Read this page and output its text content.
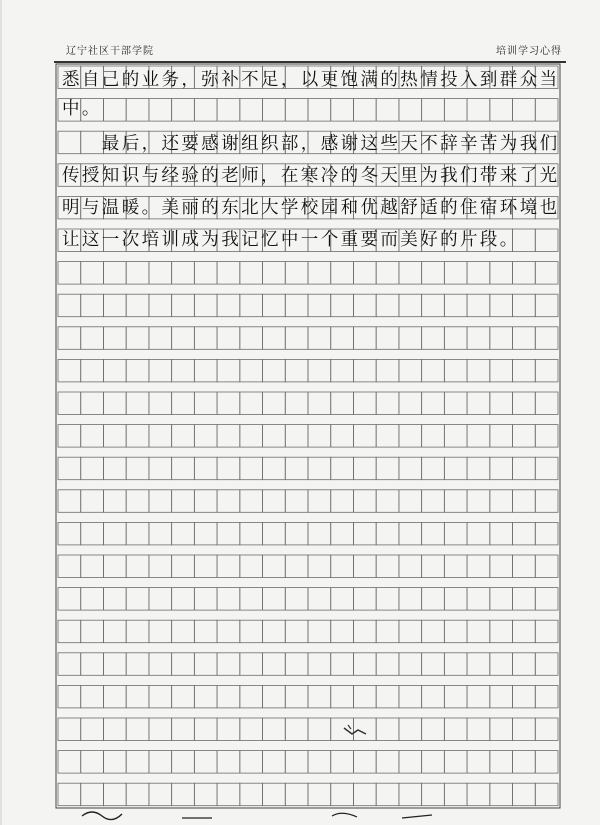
辽宁社区干部学院	培训学习心得
悉自己的业务，弥补不足，以更饱满的热情投入到群众当
中。
　　最后，还要感谢组织部，感谢这些天不辞辛苦为我们
传授知识与经验的老师，在寒冷的冬天里为我们带来了光
明与温暖。美丽的东北大学校园和优越舒适的住宿环境也
让这一次培训成为我记忆中一个重要而美好的片段。
